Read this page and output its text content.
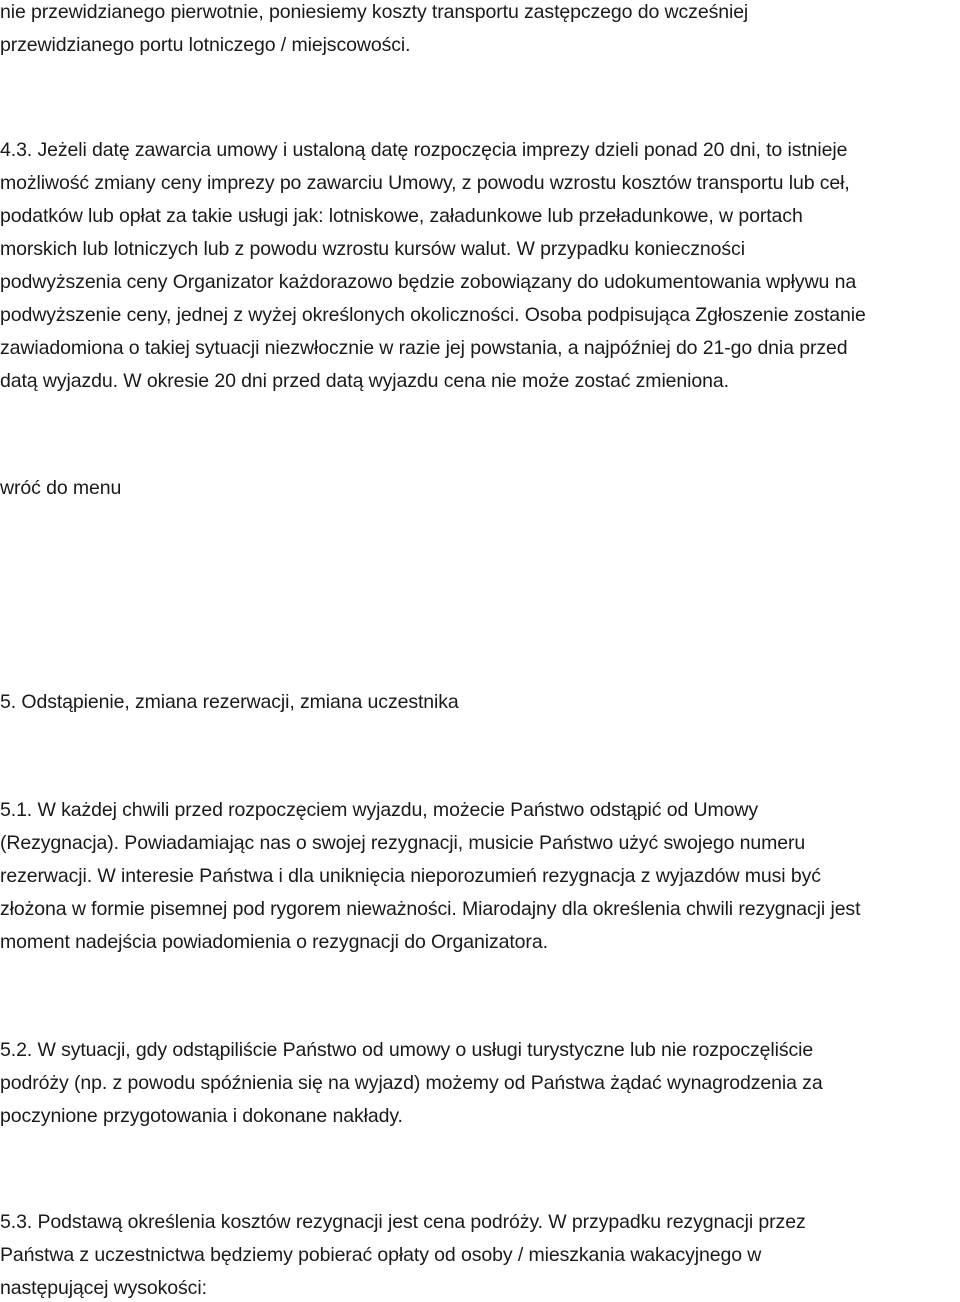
nie przewidzianego pierwotnie, poniesiemy koszty transportu zastępczego do wcześniej
przewidzianego portu lotniczego / miejscowości.
4.3. Jeżeli datę zawarcia umowy i ustaloną datę rozpoczęcia imprezy dzieli ponad 20 dni, to istnieje
możliwość zmiany ceny imprezy po zawarciu Umowy, z powodu wzrostu kosztów transportu lub ceł,
podatków lub opłat za takie usługi jak: lotniskowe, załadunkowe lub przeładunkowe, w portach
morskich lub lotniczych lub z powodu wzrostu kursów walut. W przypadku konieczności
podwyższenia ceny Organizator każdorazowo będzie zobowiązany do udokumentowania wpływu na
podwyższenie ceny, jednej z wyżej określonych okoliczności. Osoba podpisująca Zgłoszenie zostanie
zawiadomiona o takiej sytuacji niezwłocznie w razie jej powstania, a najpóźniej do 21-go dnia przed
datą wyjazdu. W okresie 20 dni przed datą wyjazdu cena nie może zostać zmieniona.
wróć do menu
5. Odstąpienie, zmiana rezerwacji, zmiana uczestnika
5.1. W każdej chwili przed rozpoczęciem wyjazdu, możecie Państwo odstąpić od Umowy
(Rezygnacja). Powiadamiając nas o swojej rezygnacji, musicie Państwo użyć swojego numeru
rezerwacji. W interesie Państwa i dla uniknięcia nieporozumień rezygnacja z wyjazdów musi być
złożona w formie pisemnej pod rygorem nieważności. Miarodajny dla określenia chwili rezygnacji jest
moment nadejścia powiadomienia o rezygnacji do Organizatora.
5.2. W sytuacji, gdy odstąpiliście Państwo od umowy o usługi turystyczne lub nie rozpoczęliście
podróży (np. z powodu spóźnienia się na wyjazd) możemy od Państwa żądać wynagrodzenia za
poczynione przygotowania i dokonane nakłady.
5.3. Podstawą określenia kosztów rezygnacji jest cena podróży. W przypadku rezygnacji przez
Państwa z uczestnictwa będziemy pobierać opłaty od osoby / mieszkania wakacyjnego w
następującej wysokości:
